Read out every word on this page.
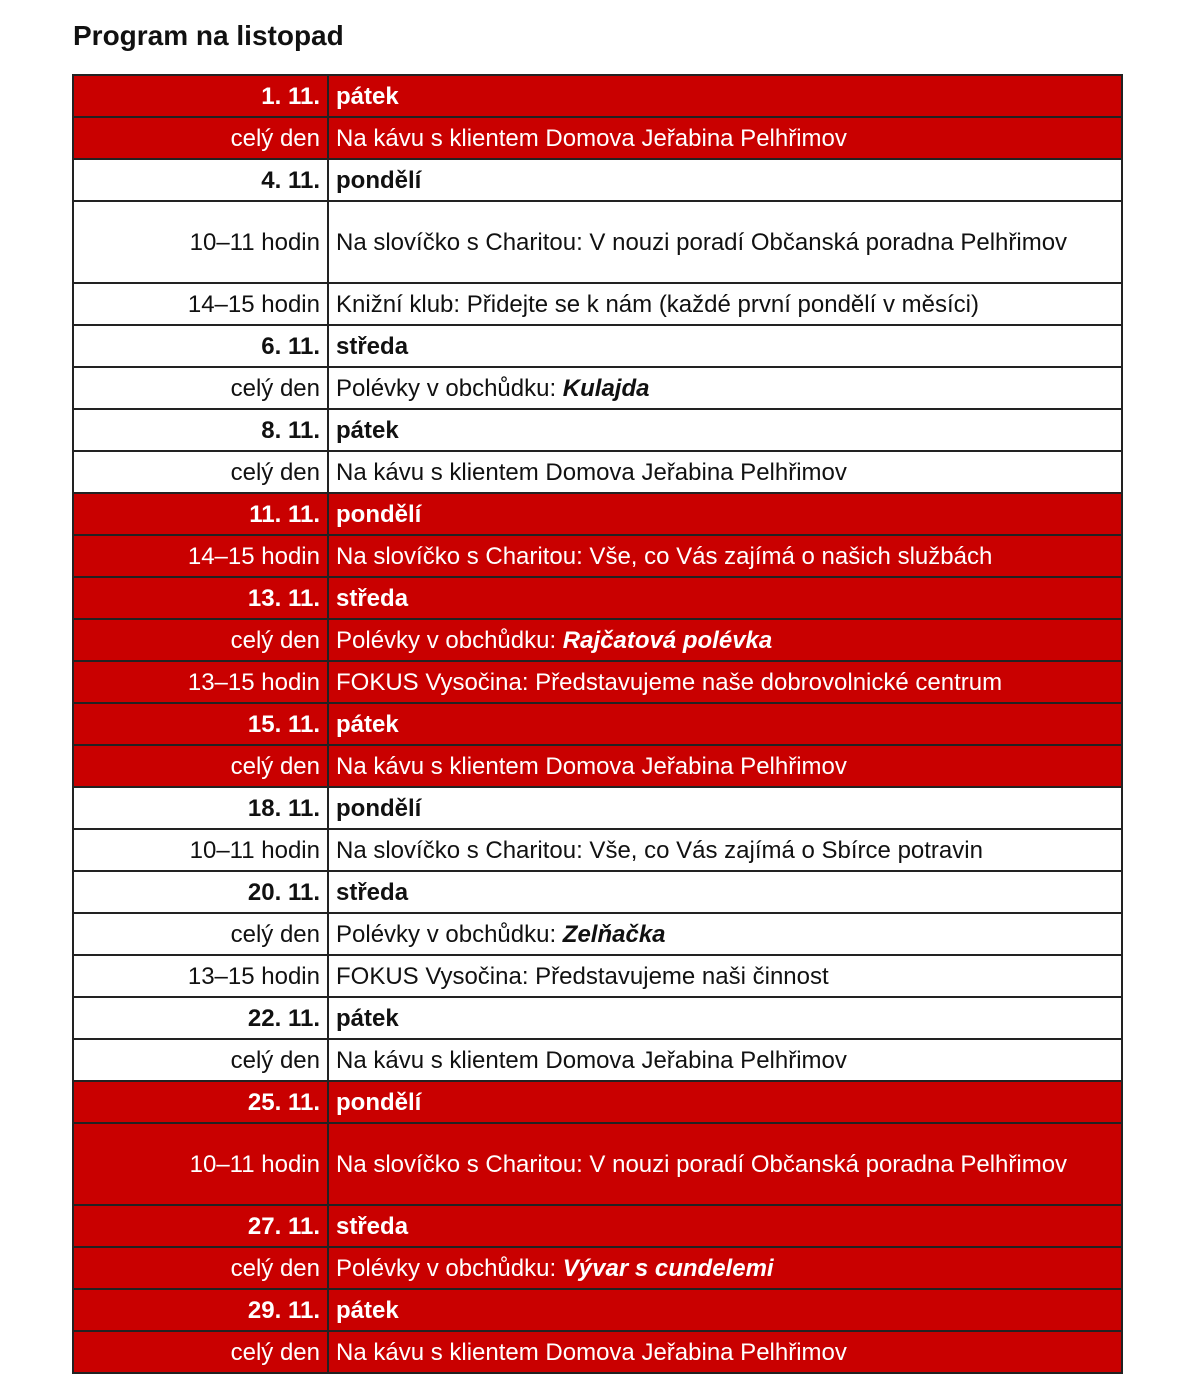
Program na listopad
1. 11.	pátek
celý den	Na kávu s klientem Domova Jeřabina Pelhřimov
4. 11.	pondělí
10–11 hodin	Na slovíčko s Charitou: V nouzi poradí Občanská poradna Pelhřimov
14–15 hodin	Knižní klub: Přidejte se k nám (každé první pondělí v měsíci)
6. 11.	středa
celý den	Polévky v obchůdku: Kulajda
8. 11.	pátek
celý den	Na kávu s klientem Domova Jeřabina Pelhřimov
11. 11.	pondělí
14–15 hodin	Na slovíčko s Charitou: Vše, co Vás zajímá o našich službách
13. 11.	středa
celý den	Polévky v obchůdku: Rajčatová polévka
13–15 hodin	FOKUS Vysočina: Představujeme naše dobrovolnické centrum
15. 11.	pátek
celý den	Na kávu s klientem Domova Jeřabina Pelhřimov
18. 11.	pondělí
10–11 hodin	Na slovíčko s Charitou: Vše, co Vás zajímá o Sbírce potravin
20. 11.	středa
celý den	Polévky v obchůdku: Zelňačka
13–15 hodin	FOKUS Vysočina: Představujeme naši činnost
22. 11.	pátek
celý den	Na kávu s klientem Domova Jeřabina Pelhřimov
25. 11.	pondělí
10–11 hodin	Na slovíčko s Charitou: V nouzi poradí Občanská poradna Pelhřimov
27. 11.	středa
celý den	Polévky v obchůdku: Vývar s cundelemi
29. 11.	pátek
celý den	Na kávu s klientem Domova Jeřabina Pelhřimov
